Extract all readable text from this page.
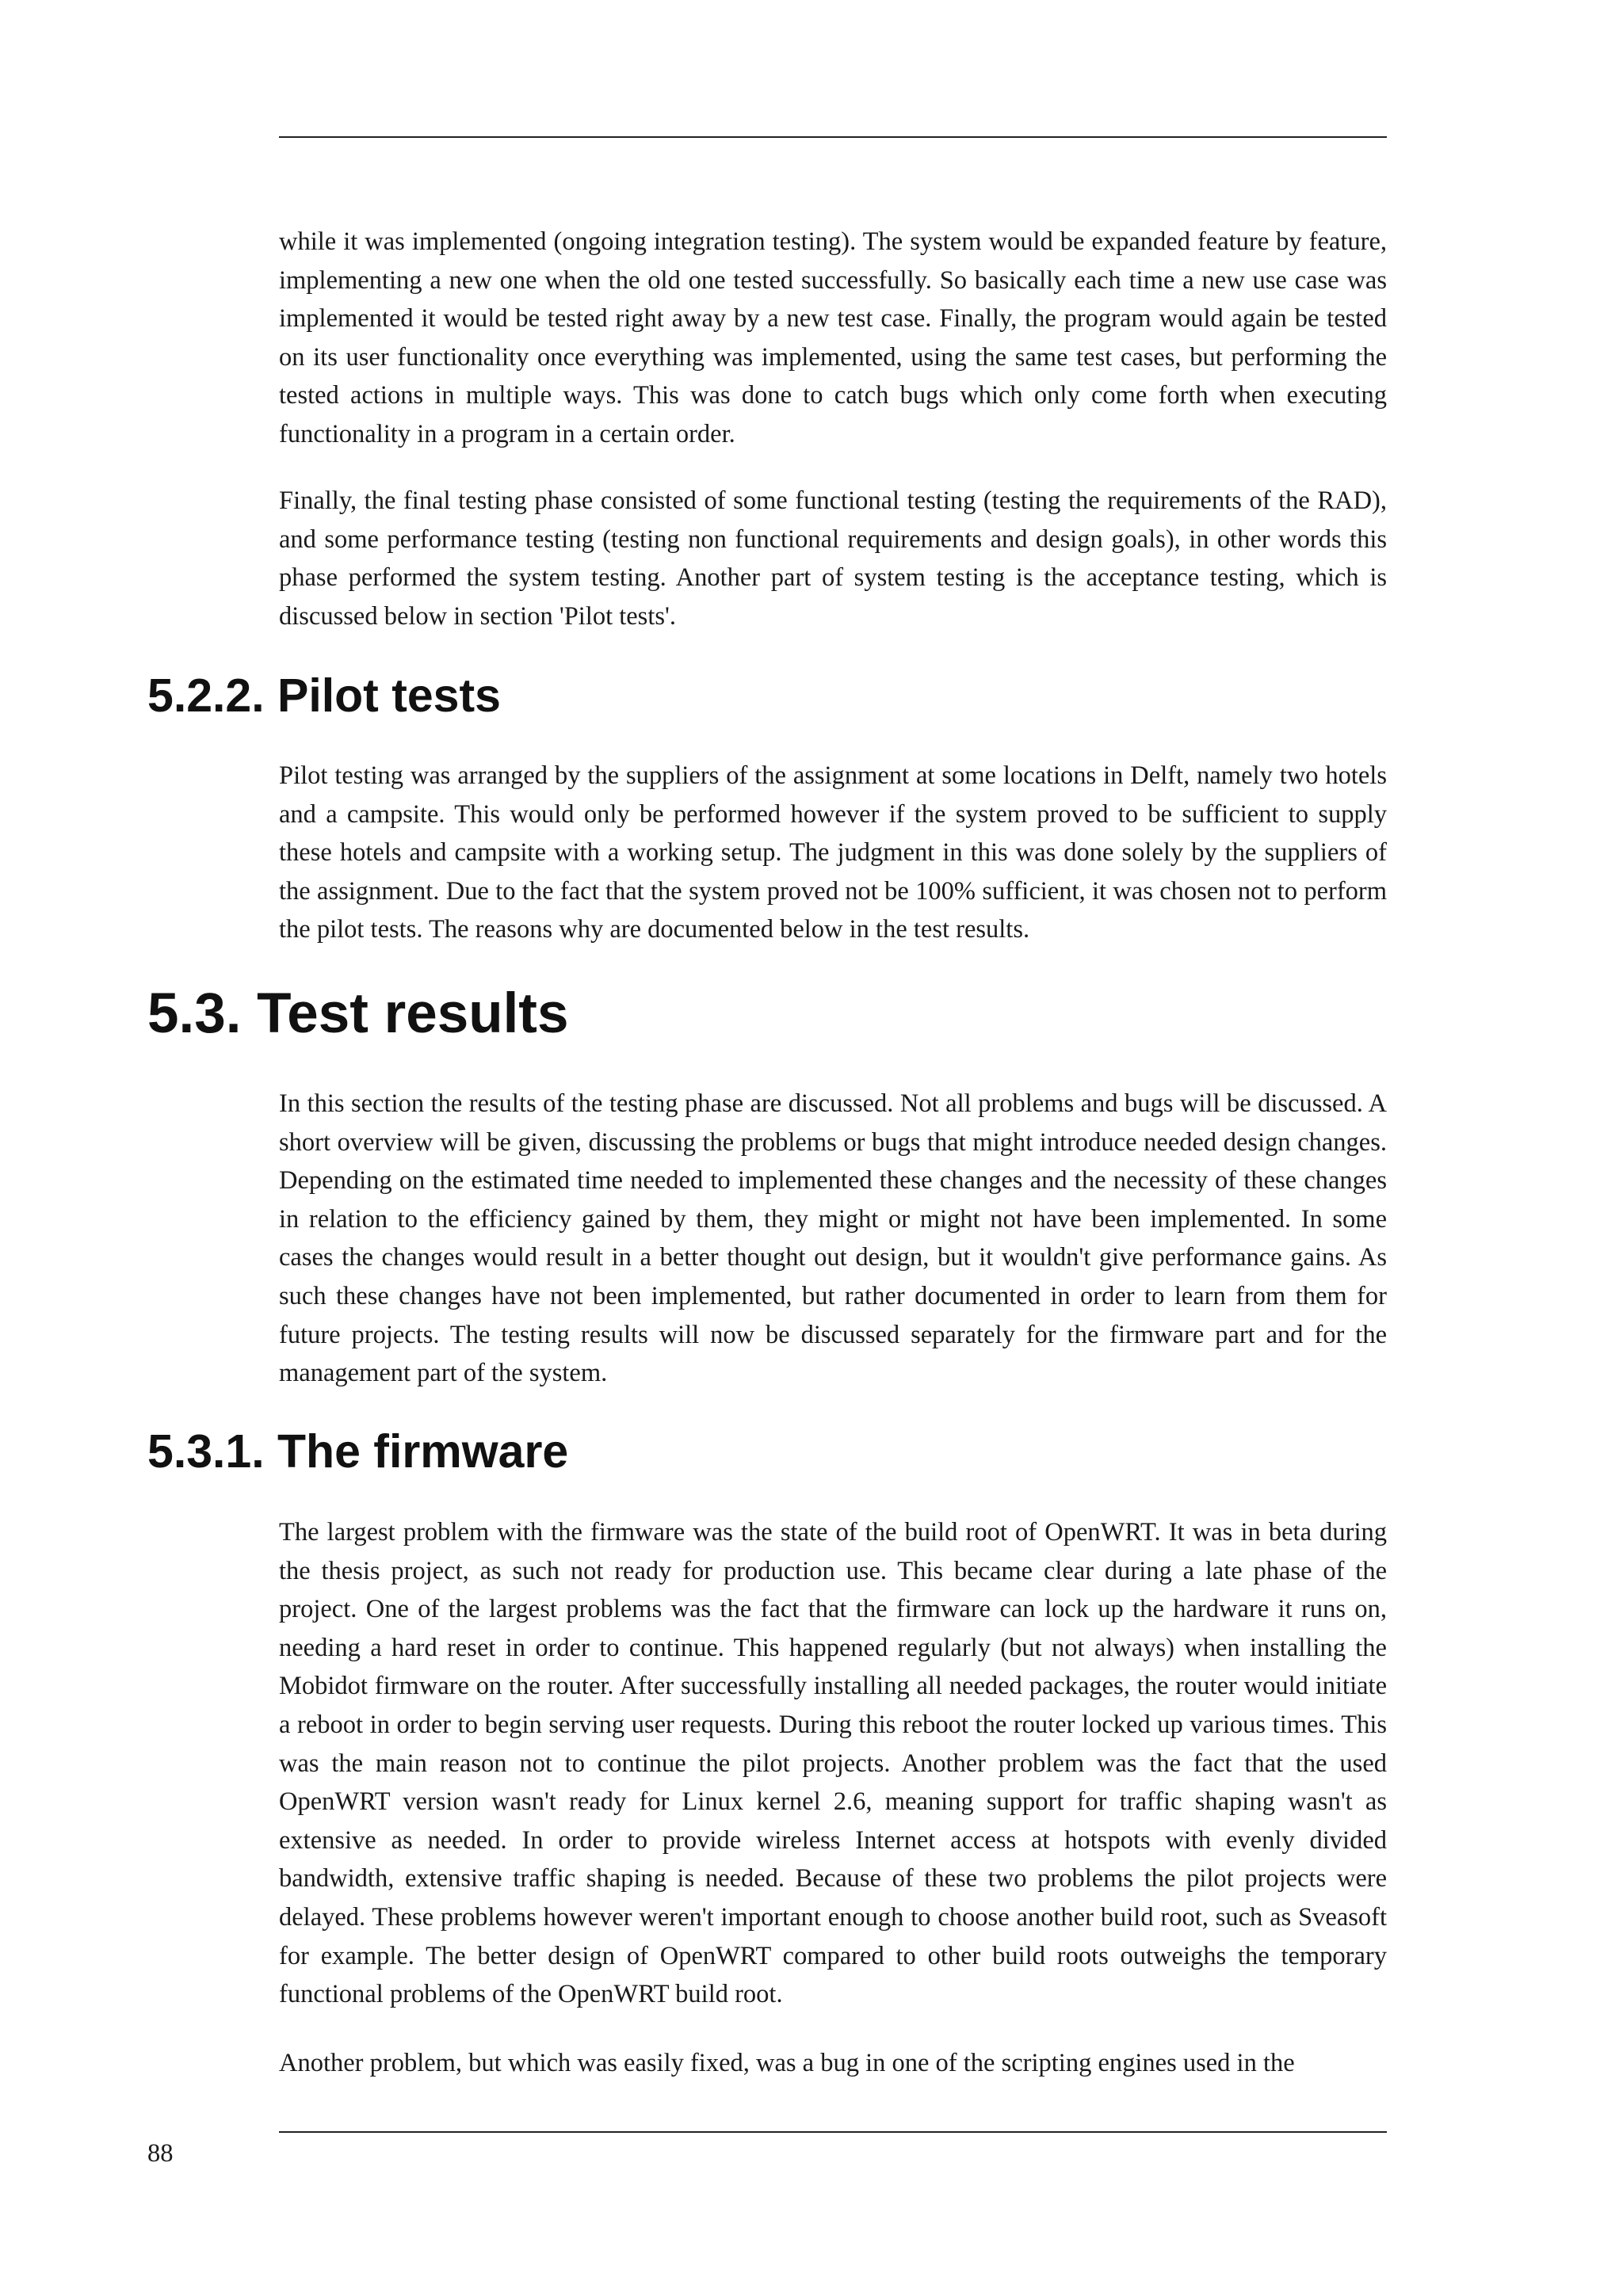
while it was implemented (ongoing integration testing). The system would be expanded feature by feature, implementing a new one when the old one tested successfully. So basically each time a new use case was implemented it would be tested right away by a new test case. Finally, the program would again be tested on its user functionality once everything was implemented, using the same test cases, but performing the tested actions in multiple ways. This was done to catch bugs which only come forth when executing functionality in a program in a certain order.

Finally, the final testing phase consisted of some functional testing (testing the requirements of the RAD), and some performance testing (testing non functional requirements and design goals), in other words this phase performed the system testing. Another part of system testing is the acceptance testing, which is discussed below in section 'Pilot tests'.

5.2.2. Pilot tests

Pilot testing was arranged by the suppliers of the assignment at some locations in Delft, namely two hotels and a campsite. This would only be performed however if the system proved to be sufficient to supply these hotels and campsite with a working setup. The judgment in this was done solely by the suppliers of the assignment. Due to the fact that the system proved not be 100% sufficient, it was chosen not to perform the pilot tests. The reasons why are documented below in the test results.

5.3. Test results

In this section the results of the testing phase are discussed. Not all problems and bugs will be discussed. A short overview will be given, discussing the problems or bugs that might introduce needed design changes. Depending on the estimated time needed to implemented these changes and the necessity of these changes in relation to the efficiency gained by them, they might or might not have been implemented. In some cases the changes would result in a better thought out design, but it wouldn't give performance gains. As such these changes have not been implemented, but rather documented in order to learn from them for future projects. The testing results will now be discussed separately for the firmware part and for the management part of the system.

5.3.1. The firmware

The largest problem with the firmware was the state of the build root of OpenWRT. It was in beta during the thesis project, as such not ready for production use. This became clear during a late phase of the project. One of the largest problems was the fact that the firmware can lock up the hardware it runs on, needing a hard reset in order to continue. This happened regularly (but not always) when installing the Mobidot firmware on the router. After successfully installing all needed packages, the router would initiate a reboot in order to begin serving user requests. During this reboot the router locked up various times. This was the main reason not to continue the pilot projects. Another problem was the fact that the used OpenWRT version wasn't ready for Linux kernel 2.6, meaning support for traffic shaping wasn't as extensive as needed. In order to provide wireless Internet access at hotspots with evenly divided bandwidth, extensive traffic shaping is needed. Because of these two problems the pilot projects were delayed. These problems however weren't important enough to choose another build root, such as Sveasoft for example. The better design of OpenWRT compared to other build roots outweighs the temporary functional problems of the OpenWRT build root.

Another problem, but which was easily fixed, was a bug in one of the scripting engines used in the

88
